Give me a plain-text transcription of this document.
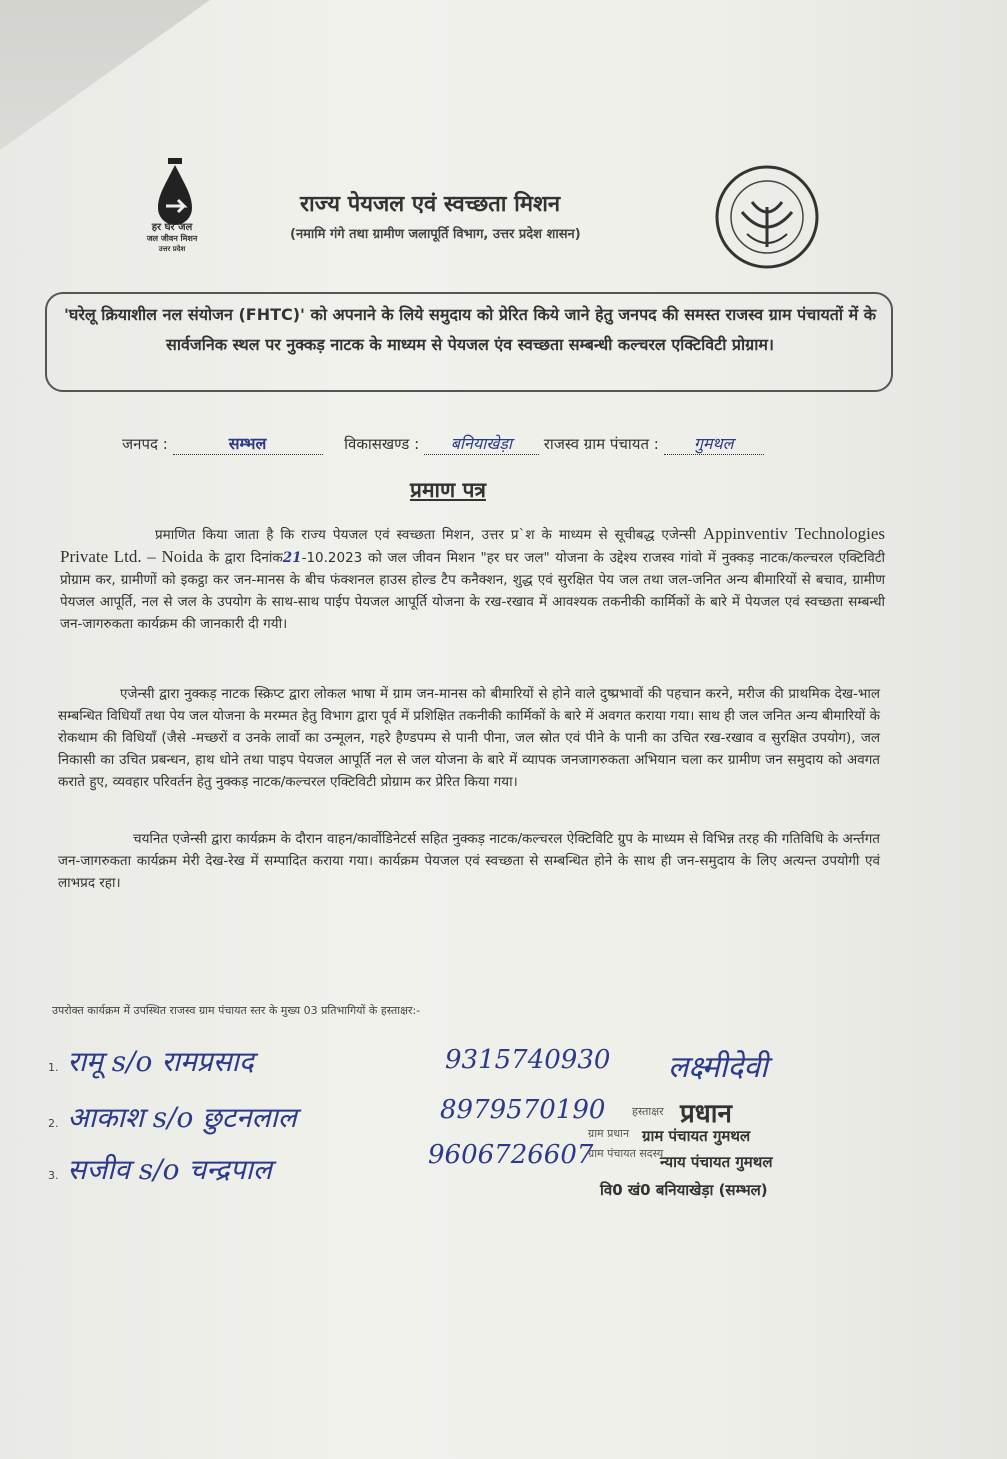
हर घर जल
जल जीवन मिशन
उत्तर प्रदेश
राज्य पेयजल एवं स्वच्छता मिशन
(नमामि गंगे तथा ग्रामीण जलापूर्ति विभाग, उत्तर प्रदेश शासन)
'घरेलू क्रियाशील नल संयोजन (FHTC)' को अपनाने के लिये समुदाय को प्रेरित किये जाने हेतु जनपद की समस्त राजस्व ग्राम पंचायतों में के सार्वजनिक स्थल पर नुक्कड़ नाटक के माध्यम से पेयजल एंव स्वच्छता सम्बन्धी कल्चरल एक्टिविटी प्रोग्राम।
जनपद :	सम्भल	विकासखण्ड : बनियाखेड़ा राजस्व ग्राम पंचायत : गुमथल
प्रमाण पत्र
प्रमाणित किया जाता है कि राज्य पेयजल एवं स्वच्छता मिशन, उत्तर प्र`श के माध्यम से सूचीबद्ध एजेन्सी Appinventiv Technologies Private Ltd. – Noida के द्वारा दिनांक21-10.2023 को जल जीवन मिशन "हर घर जल" योजना के उद्देश्य राजस्व गांवो में नुक्कड़ नाटक/कल्चरल एक्टिविटी प्रोग्राम कर, ग्रामीणों को इकट्ठा कर जन-मानस के बीच फंक्शनल हाउस होल्ड टैप कनैक्शन, शुद्ध एवं सुरक्षित पेय जल तथा जल-जनित अन्य बीमारियों से बचाव, ग्रामीण पेयजल आपूर्ति, नल से जल के उपयोग के साथ-साथ पाईप पेयजल आपूर्ति योजना के रख-रखाव में आवश्यक तकनीकी कार्मिकों के बारे में पेयजल एवं स्वच्छता सम्बन्धी जन-जागरुकता कार्यक्रम की जानकारी दी गयी।
एजेन्सी द्वारा नुक्कड़ नाटक स्क्रिप्ट द्वारा लोकल भाषा में ग्राम जन-मानस को बीमारियों से होने वाले दुष्प्रभावों की पहचान करने, मरीज की प्राथमिक देख-भाल सम्बन्धित विधियाँ तथा पेय जल योजना के मरम्मत हेतु विभाग द्वारा पूर्व में प्रशिक्षित तकनीकी कार्मिकों के बारे में अवगत कराया गया। साथ ही जल जनित अन्य बीमारियों के रोकथाम की विधियाँ (जैसे -मच्छरों व उनके लार्वो का उन्मूलन, गहरे हैण्डपम्प से पानी पीना, जल स्रोत एवं पीने के पानी का उचित रख-रखाव व सुरक्षित उपयोग), जल निकासी का उचित प्रबन्धन, हाथ धोने तथा पाइप पेयजल आपूर्ति नल से जल योजना के बारे में व्यापक जनजागरुकता अभियान चला कर ग्रामीण जन समुदाय को अवगत कराते हुए, व्यवहार परिवर्तन हेतु नुक्कड़ नाटक/कल्चरल एक्टिविटी प्रोग्राम कर प्रेरित किया गया।
चयनित एजेन्सी द्वारा कार्यक्रम के दौरान वाहन/कार्वोडिनेटर्स सहित नुक्कड़ नाटक/कल्चरल ऐक्टिविटि ग्रुप के माध्यम से विभिन्न तरह की गतिविधि के अर्न्तगत जन-जागरुकता कार्यक्रम मेरी देख-रेख में सम्पादित कराया गया। कार्यक्रम पेयजल एवं स्वच्छता से सम्बन्धित होने के साथ ही जन-समुदाय के लिए अत्यन्त उपयोगी एवं लाभप्रद रहा।
उपरोक्त कार्यक्रम में उपस्थित राजस्व ग्राम पंचायत स्तर के मुख्य 03 प्रतिभागियों के हस्ताक्षर:-
1. रामू s/o रामप्रसाद
2. आकाश s/o छुटनलाल
3. सजीव s/o चन्द्रपाल
9315740930
8979570190
9606726607
लक्ष्मीदेवी
हस्ताक्षर
ग्राम प्रधान
ग्राम पंचायत सदस्य
प्रधान
ग्राम पंचायत गुमथल
न्याय पंचायत गुमथल
वि0 खं0 बनियाखेड़ा (सम्भल)
